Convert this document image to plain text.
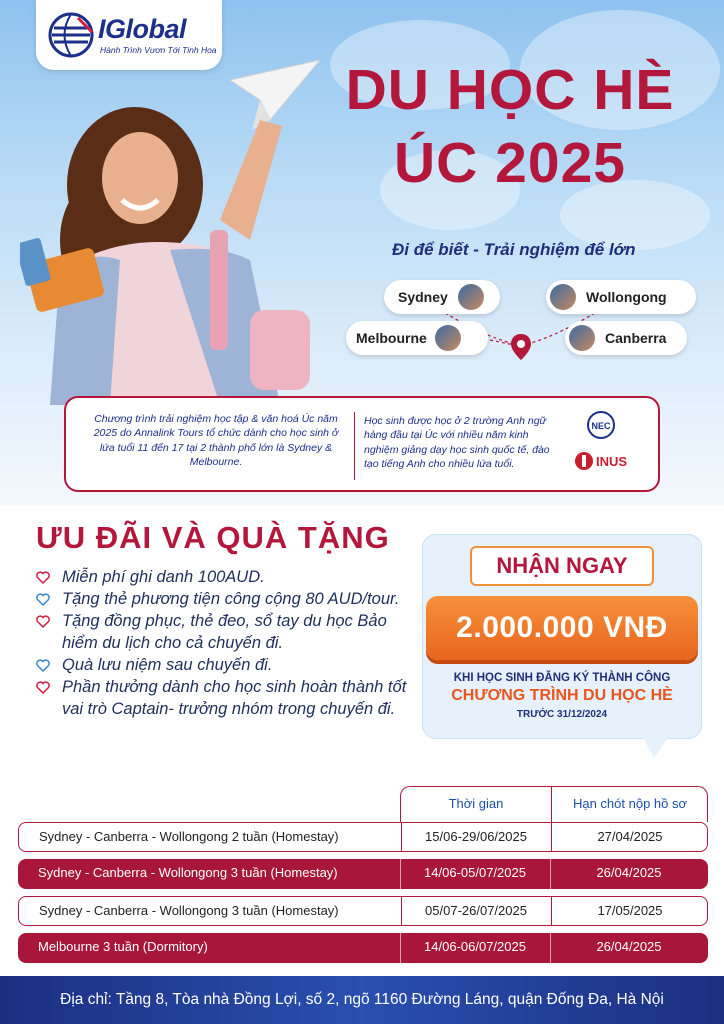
IGlobal
Hành Trình Vươn Tới Tinh Hoa
DU HỌC HÈ
ÚC 2025
Đi để biết - Trải nghiệm để lớn
Sydney	Wollongong
Melbourne	Canberra
Chương trình trải nghiệm học tập & văn hoá Úc năm 2025 do Annalink Tours tổ chức dành cho học sinh ở lứa tuổi 11 đến 17 tại 2 thành phố lớn là Sydney & Melbourne.
Học sinh được học ở 2 trường Anh ngữ hàng đầu tại Úc với nhiều năm kinh nghiệm giảng dạy học sinh quốc tế, đào tạo tiếng Anh cho nhiều lứa tuổi.
NEC
INUS
ƯU ĐÃI VÀ QUÀ TẶNG
Miễn phí ghi danh 100AUD.
Tặng thẻ phương tiện công cộng 80 AUD/tour.
Tặng đồng phục, thẻ đeo, sổ tay du học Bảo hiểm du lịch cho cả chuyến đi.
Quà lưu niệm sau chuyến đi.
Phần thưởng dành cho học sinh hoàn thành tốt vai trò Captain- trưởng nhóm trong chuyến đi.
NHẬN NGAY
2.000.000 VNĐ
KHI HỌC SINH ĐĂNG KÝ THÀNH CÔNG
CHƯƠNG TRÌNH DU HỌC HÈ
TRƯỚC 31/12/2024
Thời gian	Hạn chót nộp hồ sơ
Sydney - Canberra - Wollongong 2 tuần (Homestay)	15/06-29/06/2025	27/04/2025
Sydney - Canberra - Wollongong 3 tuần (Homestay)	14/06-05/07/2025	26/04/2025
Sydney - Canberra - Wollongong 3 tuần (Homestay)	05/07-26/07/2025	17/05/2025
Melbourne 3 tuần (Dormitory)	14/06-06/07/2025	26/04/2025
Địa chỉ: Tầng 8, Tòa nhà Đồng Lợi, số 2, ngõ 1160 Đường Láng, quận Đống Đa, Hà Nội
